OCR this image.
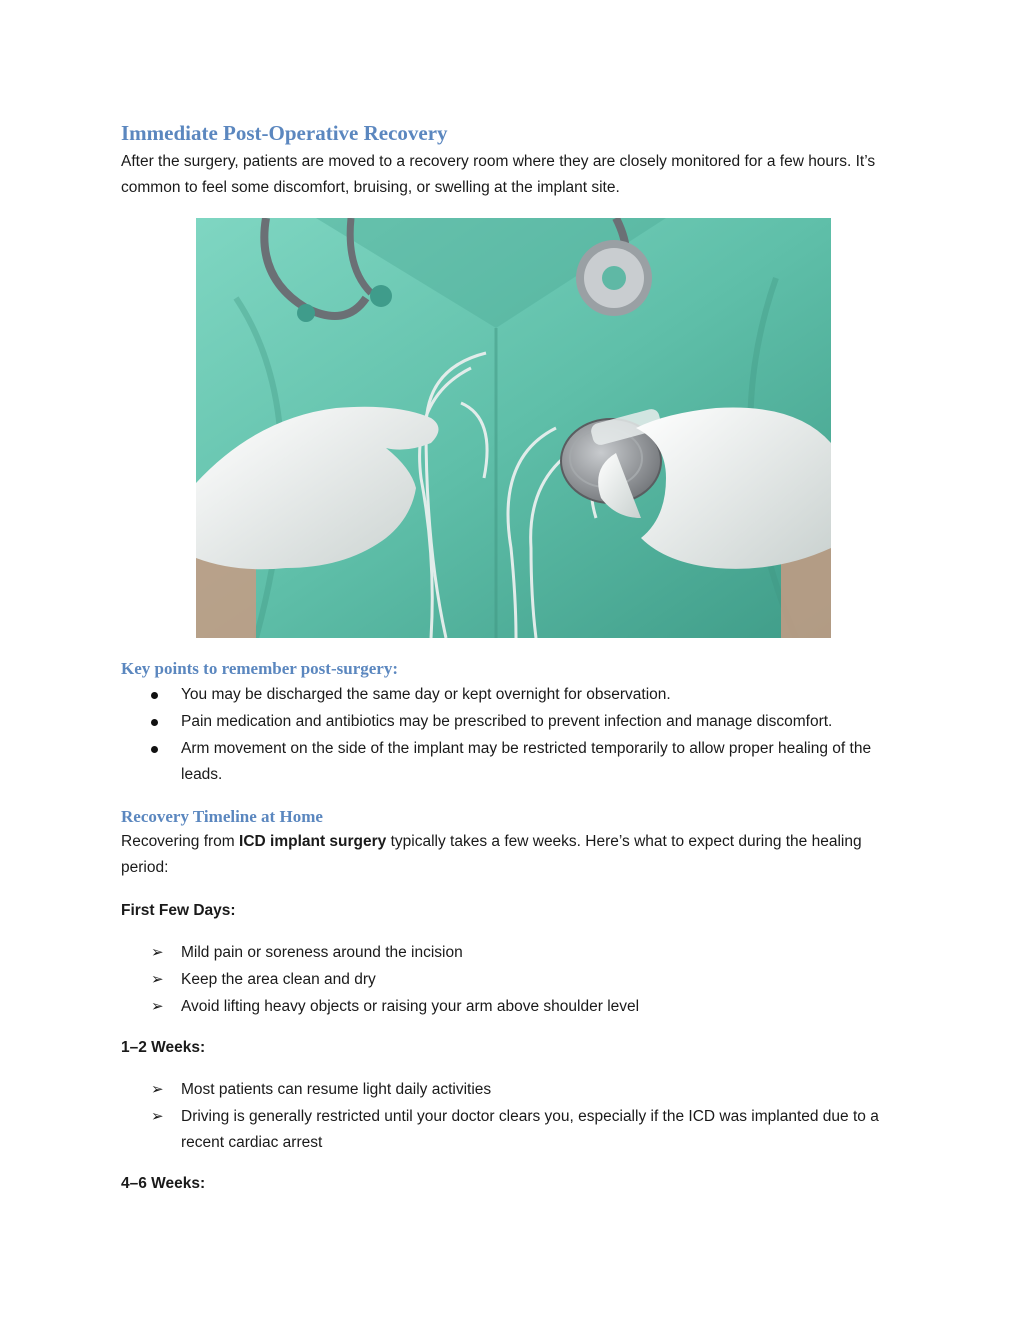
Immediate Post-Operative Recovery

After the surgery, patients are moved to a recovery room where they are closely monitored for a few hours. It’s common to feel some discomfort, bruising, or swelling at the implant site.

Key points to remember post-surgery:
You may be discharged the same day or kept overnight for observation.
Pain medication and antibiotics may be prescribed to prevent infection and manage discomfort.
Arm movement on the side of the implant may be restricted temporarily to allow proper healing of the leads.
Recovery Timeline at Home

Recovering from ICD implant surgery typically takes a few weeks. Here’s what to expect during the healing period:

First Few Days:

➢	Mild pain or soreness around the incision
➢	Keep the area clean and dry
➢	Avoid lifting heavy objects or raising your arm above shoulder level

1–2 Weeks:

➢	Most patients can resume light daily activities
➢	Driving is generally restricted until your doctor clears you, especially if the ICD was implanted due to a recent cardiac arrest

4–6 Weeks:
